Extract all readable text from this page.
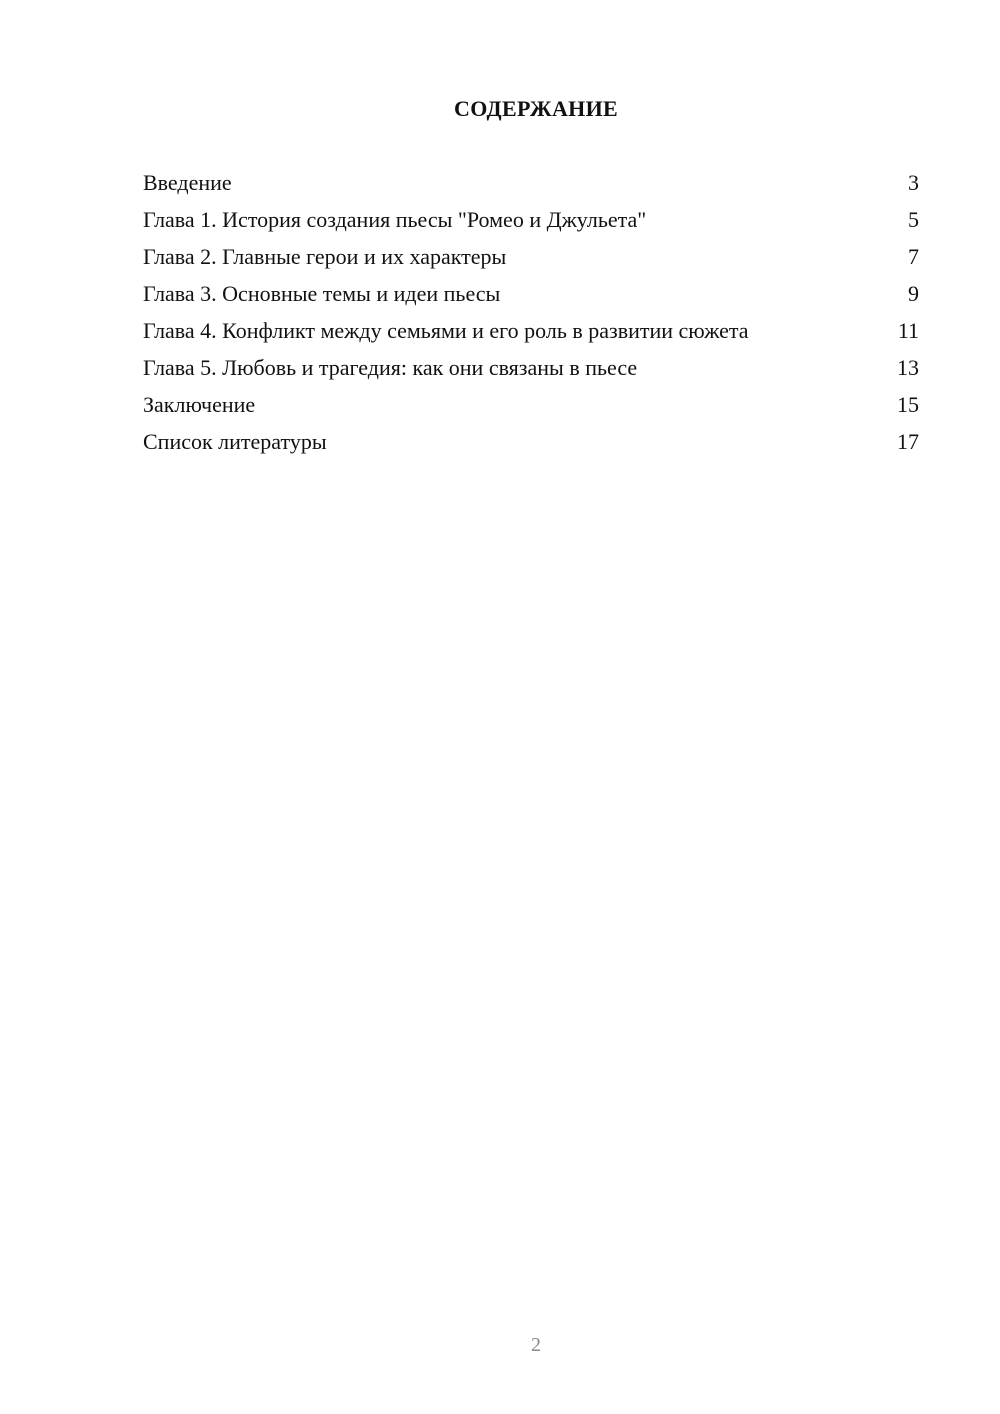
СОДЕРЖАНИЕ
Введение	3
Глава 1. История создания пьесы "Ромео и Джульета"	5
Глава 2. Главные герои и их характеры	7
Глава 3. Основные темы и идеи пьесы	9
Глава 4. Конфликт между семьями и его роль в развитии сюжета	11
Глава 5. Любовь и трагедия: как они связаны в пьесе	13
Заключение	15
Список литературы	17
2
